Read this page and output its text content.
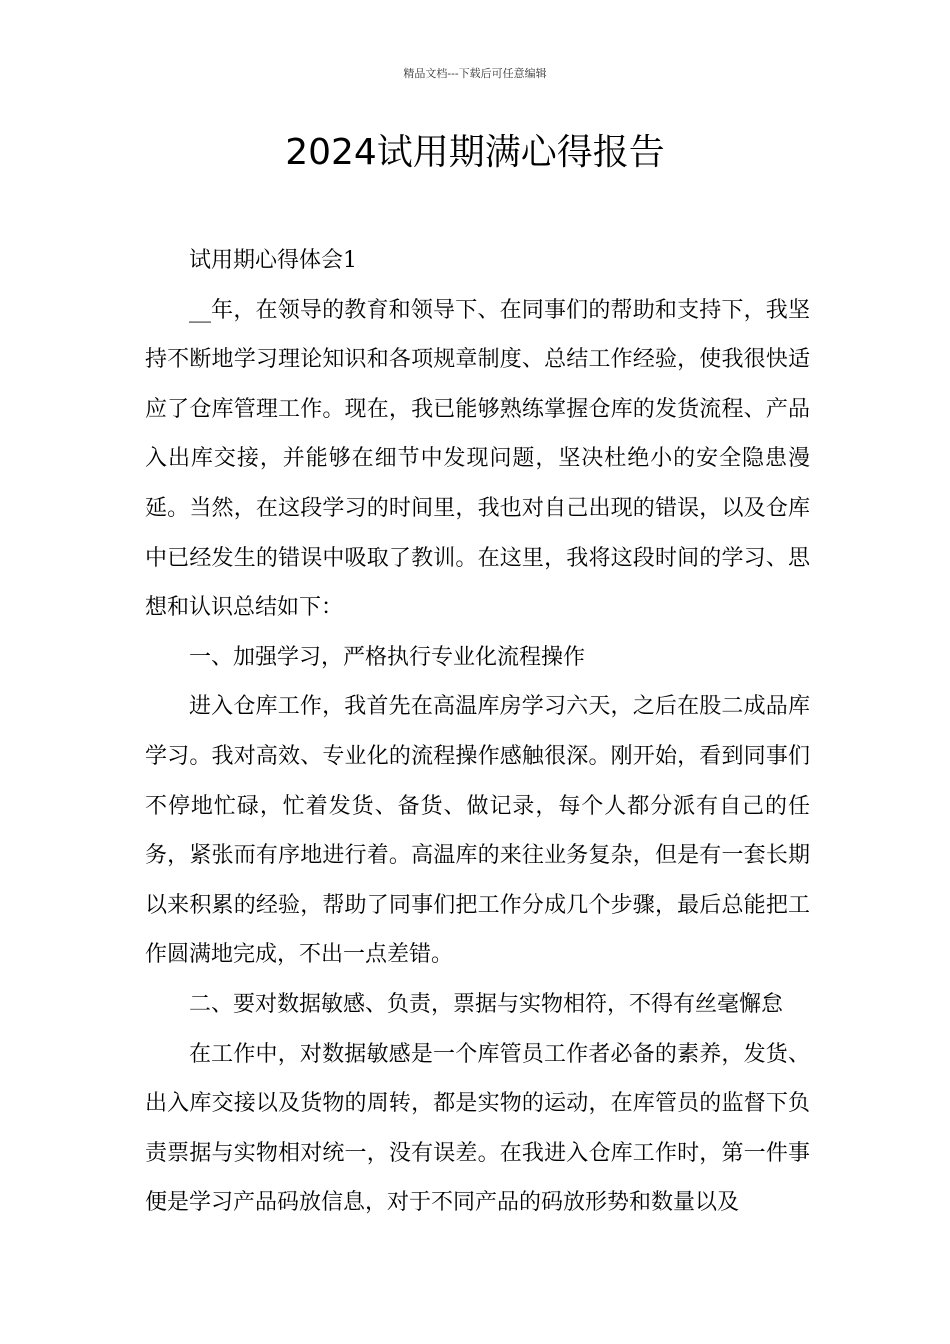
精品文档---下载后可任意编辑
2024试用期满心得报告

试用期心得体会1

__年，在领导的教育和领导下、在同事们的帮助和支持下，我坚持不断地学习理论知识和各项规章制度、总结工作经验，使我很快适应了仓库管理工作。现在，我已能够熟练掌握仓库的发货流程、产品入出库交接，并能够在细节中发现问题，坚决杜绝小的安全隐患漫延。当然，在这段学习的时间里，我也对自己出现的错误，以及仓库中已经发生的错误中吸取了教训。在这里，我将这段时间的学习、思想和认识总结如下：

一、加强学习，严格执行专业化流程操作

进入仓库工作，我首先在高温库房学习六天，之后在股二成品库学习。我对高效、专业化的流程操作感触很深。刚开始，看到同事们不停地忙碌，忙着发货、备货、做记录，每个人都分派有自己的任务，紧张而有序地进行着。高温库的来往业务复杂，但是有一套长期以来积累的经验，帮助了同事们把工作分成几个步骤，最后总能把工作圆满地完成，不出一点差错。

二、要对数据敏感、负责，票据与实物相符，不得有丝毫懈怠

在工作中，对数据敏感是一个库管员工作者必备的素养，发货、出入库交接以及货物的周转，都是实物的运动，在库管员的监督下负责票据与实物相对统一，没有误差。在我进入仓库工作时，第一件事便是学习产品码放信息，对于不同产品的码放形势和数量以及
